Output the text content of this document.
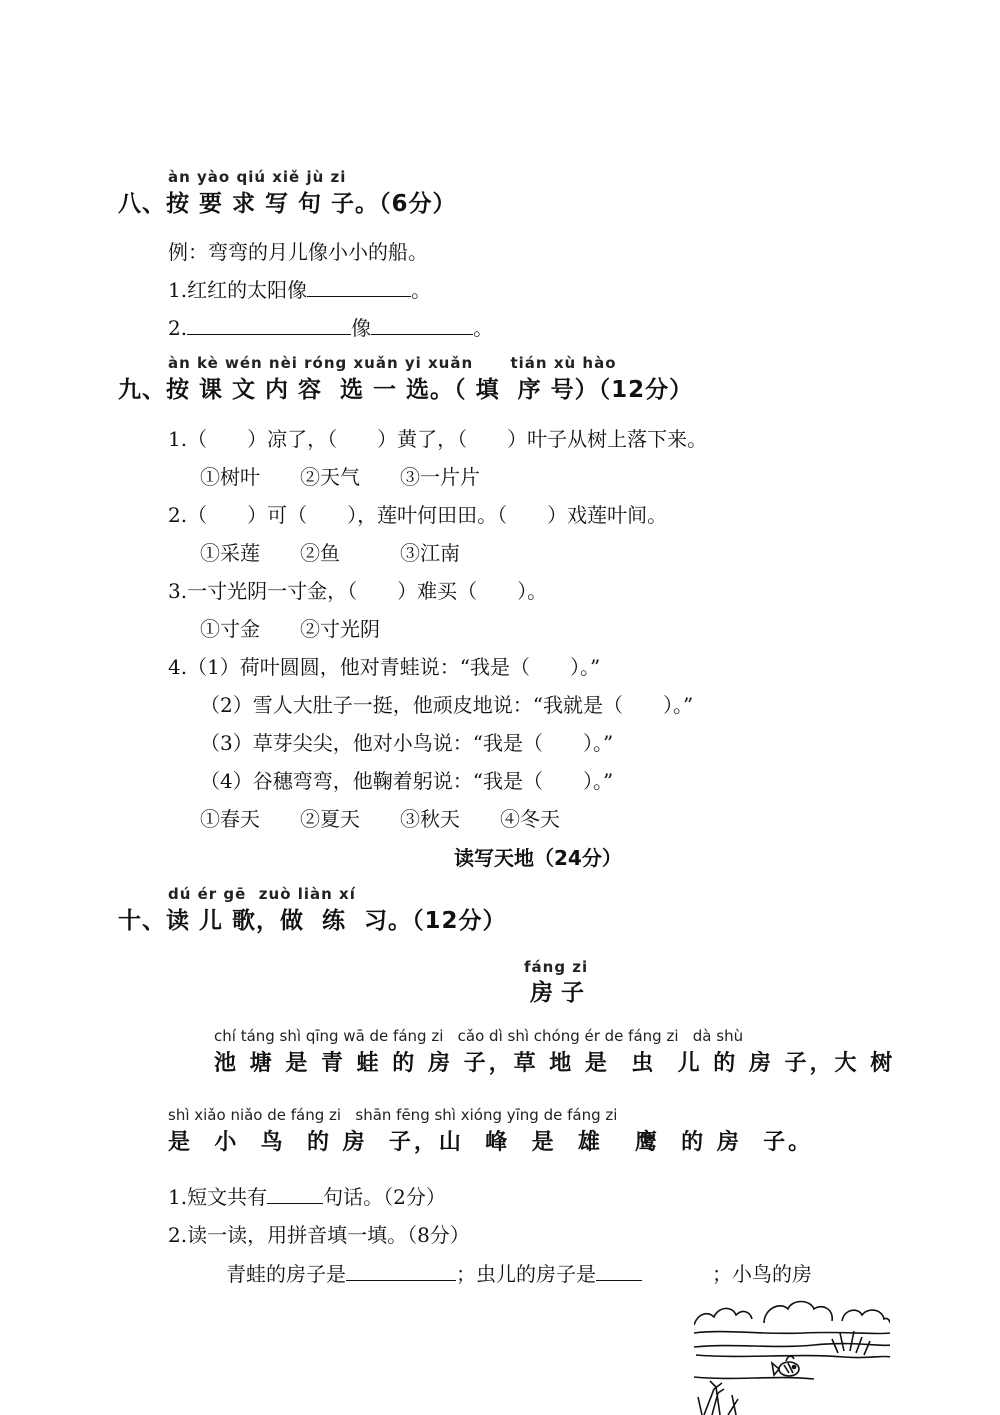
àn yào qiú xiě jù zi
八、按 要 求 写 句 子。（6分）
例：弯弯的月儿像小小的船。
1.红红的太阳像	。
2.	像	。
àn kè wén nèi róng xuǎn yi xuǎn      tián xù hào
九、按 课 文 内 容  选 一 选。（ 填  序 号）（12分）
1.（　　）凉了，（　　）黄了，（　　）叶子从树上落下来。
①树叶　　②天气　　③一片片
2.（　　）可（　　），莲叶何田田。（　　）戏莲叶间。
①采莲　　②鱼　　　③江南
3.一寸光阴一寸金，（　　）难买（　　）。
①寸金　　②寸光阴
4.（1）荷叶圆圆，他对青蛙说：“我是（　　）。”
（2）雪人大肚子一挺，他顽皮地说：“我就是（　　）。”
（3）草芽尖尖，他对小鸟说：“我是（　　）。”
（4）谷穗弯弯，他鞠着躬说：“我是（　　）。”
①春天　　②夏天　　③秋天　　④冬天
读写天地（24分）
dú ér gē  zuò liàn xí
十、读 儿 歌，做  练  习。（12分）
fáng zi
房 子
chí táng shì qīng wā de fáng zi   cǎo dì shì chóng ér de fáng zi   dà shù
池 塘 是 青 蛙 的 房 子，草 地 是  虫  儿 的 房 子，大 树
shì xiǎo niǎo de fáng zi   shān fēng shì xióng yīng de fáng zi
是  小  鸟  的 房  子，山  峰  是  雄   鹰  的 房  子。
1.短文共有	句话。（2分）
2.读一读，用拼音填一填。（8分）
青蛙的房子是	；虫儿的房子是	；小鸟的房
